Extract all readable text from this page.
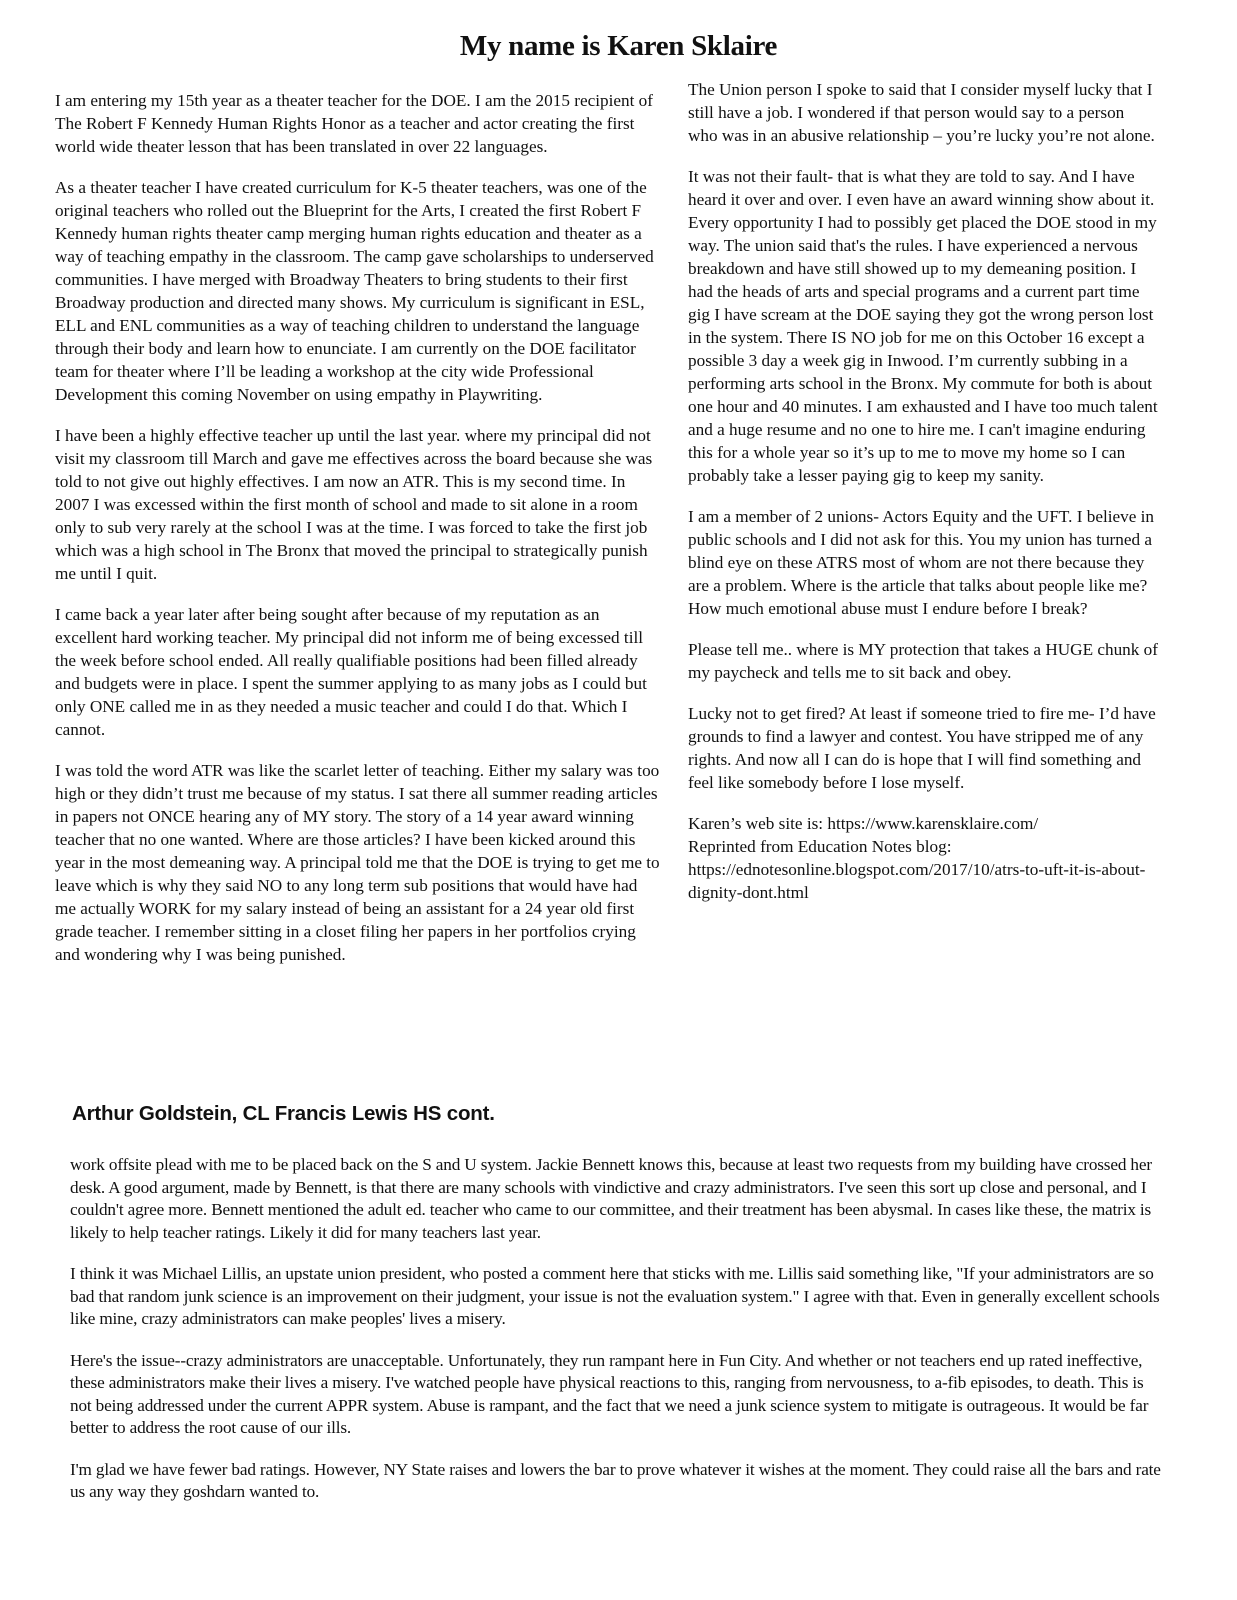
My name is Karen Sklaire

I am entering my 15th year as a theater teacher for the DOE. I am the 2015 recipient of The Robert F Kennedy Human Rights Honor as a teacher and actor creating the first world wide theater lesson that has been translated in over 22 languages.

As a theater teacher I have created curriculum for K-5 theater teachers, was one of the original teachers who rolled out the Blueprint for the Arts, I created the first Robert F Kennedy human rights theater camp merging human rights education and theater as a way of teaching empathy in the classroom. The camp gave scholarships to underserved communities. I have merged with Broadway Theaters to bring students to their first Broadway production and directed many shows. My curriculum is significant in ESL, ELL and ENL communities as a way of teaching children to understand the language through their body and learn how to enunciate. I am currently on the DOE facilitator team for theater where I’ll be leading a workshop at the city wide Professional Development this coming November on using empathy in Playwriting.

I have been a highly effective teacher up until the last year. where my principal did not visit my classroom till March and gave me effectives across the board because she was told to not give out highly effectives. I am now an ATR. This is my second time. In 2007 I was excessed within the first month of school and made to sit alone in a room only to sub very rarely at the school I was at the time. I was forced to take the first job which was a high school in The Bronx that moved the principal to strategically punish me until I quit.

I came back a year later after being sought after because of my reputation as an excellent hard working teacher. My principal did not inform me of being excessed till the week before school ended. All really qualifiable positions had been filled already and budgets were in place. I spent the summer applying to as many jobs as I could but only ONE called me in as they needed a music teacher and could I do that. Which I cannot.

I was told the word ATR was like the scarlet letter of teaching. Either my salary was too high or they didn’t trust me because of my status. I sat there all summer reading articles in papers not ONCE hearing any of MY story. The story of a 14 year award winning teacher that no one wanted. Where are those articles? I have been kicked around this year in the most demeaning way. A principal told me that the DOE is trying to get me to leave which is why they said NO to any long term sub positions that would have had me actually WORK for my salary instead of being an assistant for a 24 year old first grade teacher. I remember sitting in a closet filing her papers in her portfolios crying and wondering why I was being punished.

The Union person I spoke to said that I consider myself lucky that I still have a job. I wondered if that person would say to a person who was in an abusive relationship – you’re lucky you’re not alone.

It was not their fault- that is what they are told to say. And I have heard it over and over. I even have an award winning show about it. Every opportunity I had to possibly get placed the DOE stood in my way. The union said that's the rules. I have experienced a nervous breakdown and have still showed up to my demeaning position. I had the heads of arts and special programs and a current part time gig I have scream at the DOE saying they got the wrong person lost in the system. There IS NO job for me on this October 16 except a possible 3 day a week gig in Inwood. I’m currently subbing in a performing arts school in the Bronx. My commute for both is about one hour and 40 minutes. I am exhausted and I have too much talent and a huge resume and no one to hire me. I can't imagine enduring this for a whole year so it’s up to me to move my home so I can probably take a lesser paying gig to keep my sanity.

I am a member of 2 unions- Actors Equity and the UFT. I believe in public schools and I did not ask for this. You my union has turned a blind eye on these ATRS most of whom are not there because they are a problem. Where is the article that talks about people like me? How much emotional abuse must I endure before I break?

Please tell me.. where is MY protection that takes a HUGE chunk of my paycheck and tells me to sit back and obey.

Lucky not to get fired? At least if someone tried to fire me- I’d have grounds to find a lawyer and contest. You have stripped me of any rights. And now all I can do is hope that I will find something and feel like somebody before I lose myself.

Karen’s web site is: https://www.karensklaire.com/
Reprinted from Education Notes blog:
https://ednotesonline.blogspot.com/2017/10/atrs-to-uft-it-is-about-dignity-dont.html

Arthur Goldstein, CL Francis Lewis HS cont.

work offsite plead with me to be placed back on the S and U system. Jackie Bennett knows this, because at least two requests from my building have crossed her desk. A good argument, made by Bennett, is that there are many schools with vindictive and crazy administrators. I've seen this sort up close and personal, and I couldn't agree more. Bennett mentioned the adult ed. teacher who came to our committee, and their treatment has been abysmal. In cases like these, the matrix is likely to help teacher ratings. Likely it did for many teachers last year.

I think it was Michael Lillis, an upstate union president, who posted a comment here that sticks with me. Lillis said something like, "If your administrators are so bad that random junk science is an improvement on their judgment, your issue is not the evaluation system." I agree with that. Even in generally excellent schools like mine, crazy administrators can make peoples' lives a misery.

Here's the issue--crazy administrators are unacceptable. Unfortunately, they run rampant here in Fun City. And whether or not teachers end up rated ineffective, these administrators make their lives a misery. I've watched people have physical reactions to this, ranging from nervousness, to a-fib episodes, to death. This is not being addressed under the current APPR system. Abuse is rampant, and the fact that we need a junk science system to mitigate is outrageous. It would be far better to address the root cause of our ills.

I'm glad we have fewer bad ratings. However, NY State raises and lowers the bar to prove whatever it wishes at the moment. They could raise all the bars and rate us any way they goshdarn wanted to.
